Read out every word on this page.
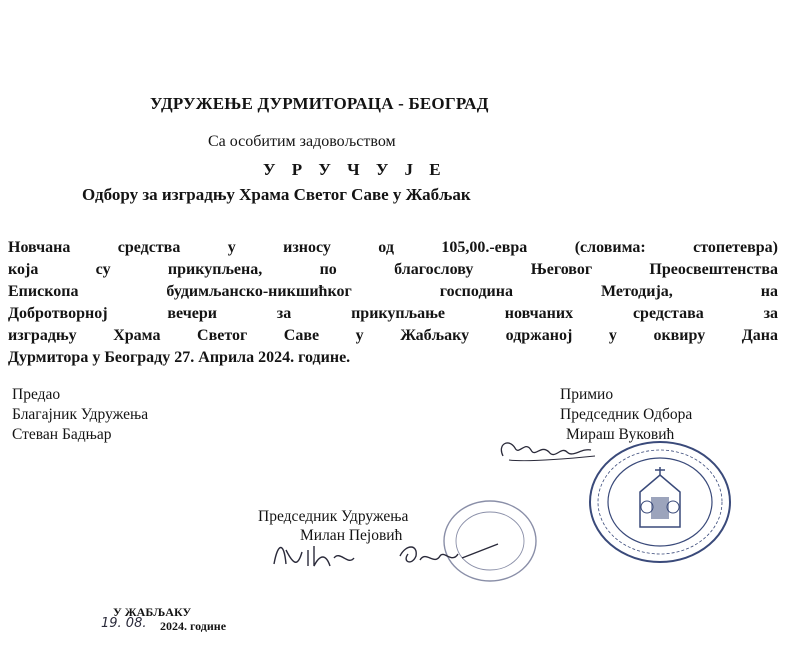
УДРУЖЕЊЕ ДУРМИТОРАЦА - БЕОГРАД
Са особитим задовољством
У Р У Ч У Ј Е
Одбору за изградњу Храма Светог Саве у Жабљак
Новчана средства у износу од 105,00.-евра (словима: стопетевра)
која су прикупљена, по благослову Његовог Преосвештенства
Епископа будимљанско-никшићког господина Методија, на
Добротворној вечери за прикупљање новчаних средстава за
изградњу Храма Светог Саве у Жабљаку одржаној у оквиру Дана
Дурмитора у Београду 27. Априла 2024. године.
Предао
Благајник Удружења
Стеван Бадњар
Примио
Председник Одбора
Мираш Вуковић
Председник Удружења
Милан Пејовић
У ЖАБЉАКУ
19. 08. 2024. године
